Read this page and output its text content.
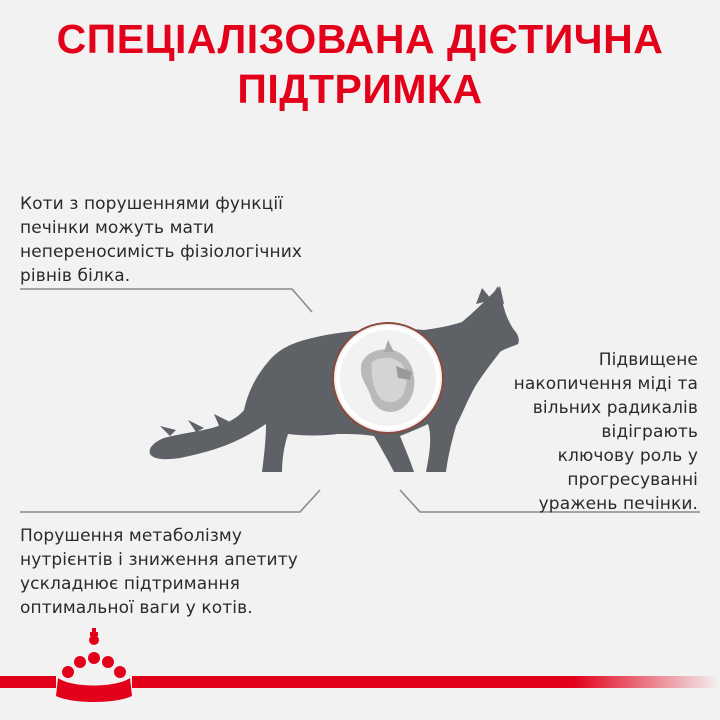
СПЕЦІАЛІЗОВАНА ДІЄТИЧНА
ПІДТРИМКА
Коти з порушеннями функції
печінки можуть мати
непереносимість фізіологічних
рівнів білка.
Підвищене
накопичення міді та
вільних радикалів
відіграють
ключову роль у
прогресуванні
уражень печінки.
Порушення метаболізму
нутрієнтів і зниження апетиту
ускладнює підтримання
оптимальної ваги у котів.
